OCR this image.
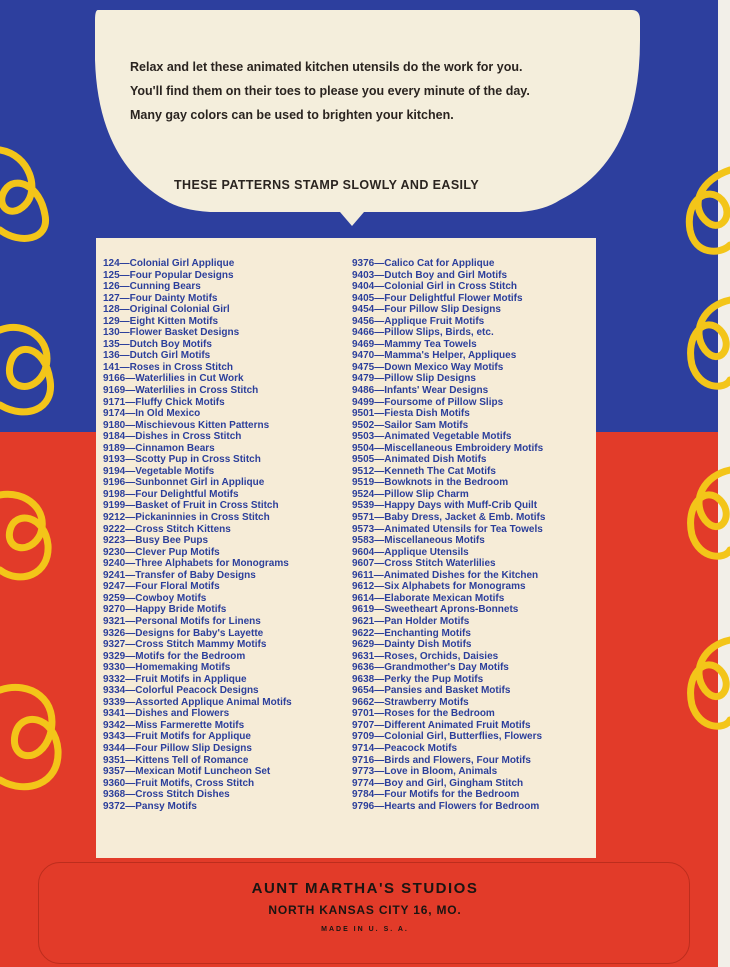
Relax and let these animated kitchen utensils do the work for you.
You'll find them on their toes to please you every minute of the day.
Many gay colors can be used to brighten your kitchen.
THESE PATTERNS STAMP SLOWLY AND EASILY
124—Colonial Girl Applique
125—Four Popular Designs
126—Cunning Bears
127—Four Dainty Motifs
128—Original Colonial Girl
129—Eight Kitten Motifs
130—Flower Basket Designs
135—Dutch Boy Motifs
136—Dutch Girl Motifs
141—Roses in Cross Stitch
9166—Waterlilies in Cut Work
9169—Waterlilies in Cross Stitch
9171—Fluffy Chick Motifs
9174—In Old Mexico
9180—Mischievous Kitten Patterns
9184—Dishes in Cross Stitch
9189—Cinnamon Bears
9193—Scotty Pup in Cross Stitch
9194—Vegetable Motifs
9196—Sunbonnet Girl in Applique
9198—Four Delightful Motifs
9199—Basket of Fruit in Cross Stitch
9212—Pickaninnies in Cross Stitch
9222—Cross Stitch Kittens
9223—Busy Bee Pups
9230—Clever Pup Motifs
9240—Three Alphabets for Monograms
9241—Transfer of Baby Designs
9247—Four Floral Motifs
9259—Cowboy Motifs
9270—Happy Bride Motifs
9321—Personal Motifs for Linens
9326—Designs for Baby's Layette
9327—Cross Stitch Mammy Motifs
9329—Motifs for the Bedroom
9330—Homemaking Motifs
9332—Fruit Motifs in Applique
9334—Colorful Peacock Designs
9339—Assorted Applique Animal Motifs
9341—Dishes and Flowers
9342—Miss Farmerette Motifs
9343—Fruit Motifs for Applique
9344—Four Pillow Slip Designs
9351—Kittens Tell of Romance
9357—Mexican Motif Luncheon Set
9360—Fruit Motifs, Cross Stitch
9368—Cross Stitch Dishes
9372—Pansy Motifs
9376—Calico Cat for Applique
9403—Dutch Boy and Girl Motifs
9404—Colonial Girl in Cross Stitch
9405—Four Delightful Flower Motifs
9454—Four Pillow Slip Designs
9456—Applique Fruit Motifs
9466—Pillow Slips, Birds, etc.
9469—Mammy Tea Towels
9470—Mamma's Helper, Appliques
9475—Down Mexico Way Motifs
9479—Pillow Slip Designs
9486—Infants' Wear Designs
9499—Foursome of Pillow Slips
9501—Fiesta Dish Motifs
9502—Sailor Sam Motifs
9503—Animated Vegetable Motifs
9504—Miscellaneous Embroidery Motifs
9505—Animated Dish Motifs
9512—Kenneth The Cat Motifs
9519—Bowknots in the Bedroom
9524—Pillow Slip Charm
9539—Happy Days with Muff-Crib Quilt
9571—Baby Dress, Jacket & Emb. Motifs
9573—Animated Utensils for Tea Towels
9583—Miscellaneous Motifs
9604—Applique Utensils
9607—Cross Stitch Waterlilies
9611—Animated Dishes for the Kitchen
9612—Six Alphabets for Monograms
9614—Elaborate Mexican Motifs
9619—Sweetheart Aprons-Bonnets
9621—Pan Holder Motifs
9622—Enchanting Motifs
9629—Dainty Dish Motifs
9631—Roses, Orchids, Daisies
9636—Grandmother's Day Motifs
9638—Perky the Pup Motifs
9654—Pansies and Basket Motifs
9662—Strawberry Motifs
9701—Roses for the Bedroom
9707—Different Animated Fruit Motifs
9709—Colonial Girl, Butterflies, Flowers
9714—Peacock Motifs
9716—Birds and Flowers, Four Motifs
9773—Love in Bloom, Animals
9774—Boy and Girl, Gingham Stitch
9784—Four Motifs for the Bedroom
9796—Hearts and Flowers for Bedroom
AUNT MARTHA'S STUDIOS
NORTH KANSAS CITY 16, MO.
MADE IN U. S. A.
